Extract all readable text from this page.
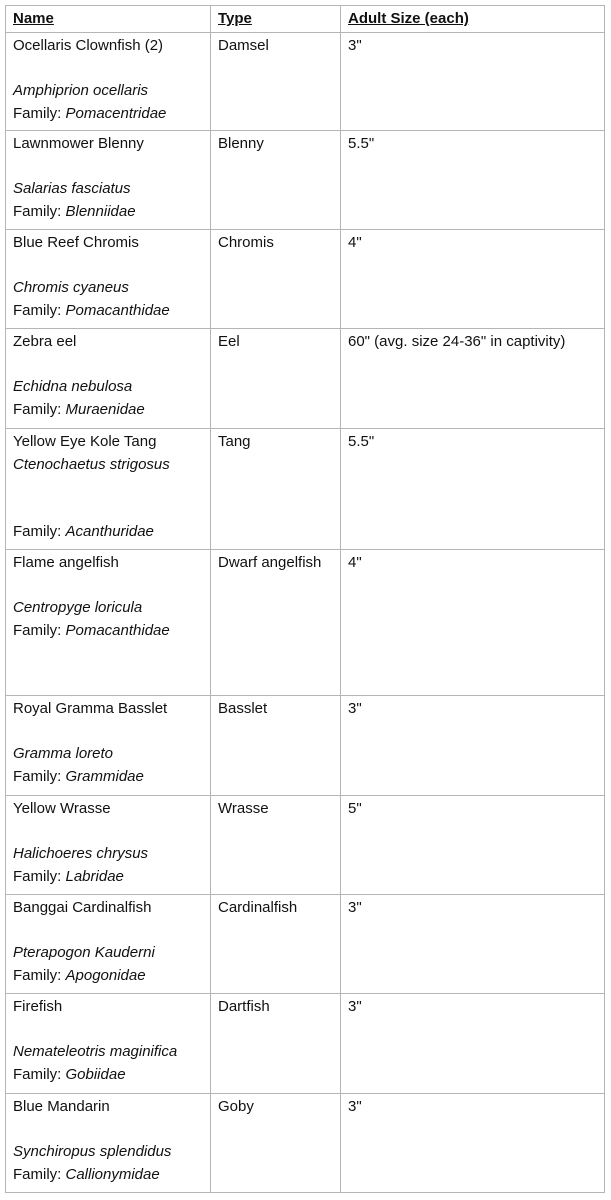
Name	Type	Adult Size (each)

Ocellaris Clownfish (2)
Amphiprion ocellaris
Family: Pomacentridae	Damsel	3"

Lawnmower Blenny
Salarias fasciatus
Family: Blenniidae	Blenny	5.5"

Blue Reef Chromis
Chromis cyaneus
Family: Pomacanthidae	Chromis	4"

Zebra eel
Echidna nebulosa
Family: Muraenidae	Eel	60" (avg. size 24-36" in captivity)

Yellow Eye Kole Tang
Ctenochaetus strigosus
Family: Acanthuridae	Tang	5.5"

Flame angelfish
Centropyge loricula
Family: Pomacanthidae	Dwarf angelfish	4"

Royal Gramma Basslet
Gramma loreto
Family: Grammidae	Basslet	3"

Yellow Wrasse
Halichoeres chrysus
Family: Labridae	Wrasse	5"

Banggai Cardinalfish
Pterapogon Kauderni
Family: Apogonidae	Cardinalfish	3"

Firefish
Nemateleotris maginifica
Family: Gobiidae	Dartfish	3"

Blue Mandarin
Synchiropus splendidus
Family: Callionymidae	Goby	3"
